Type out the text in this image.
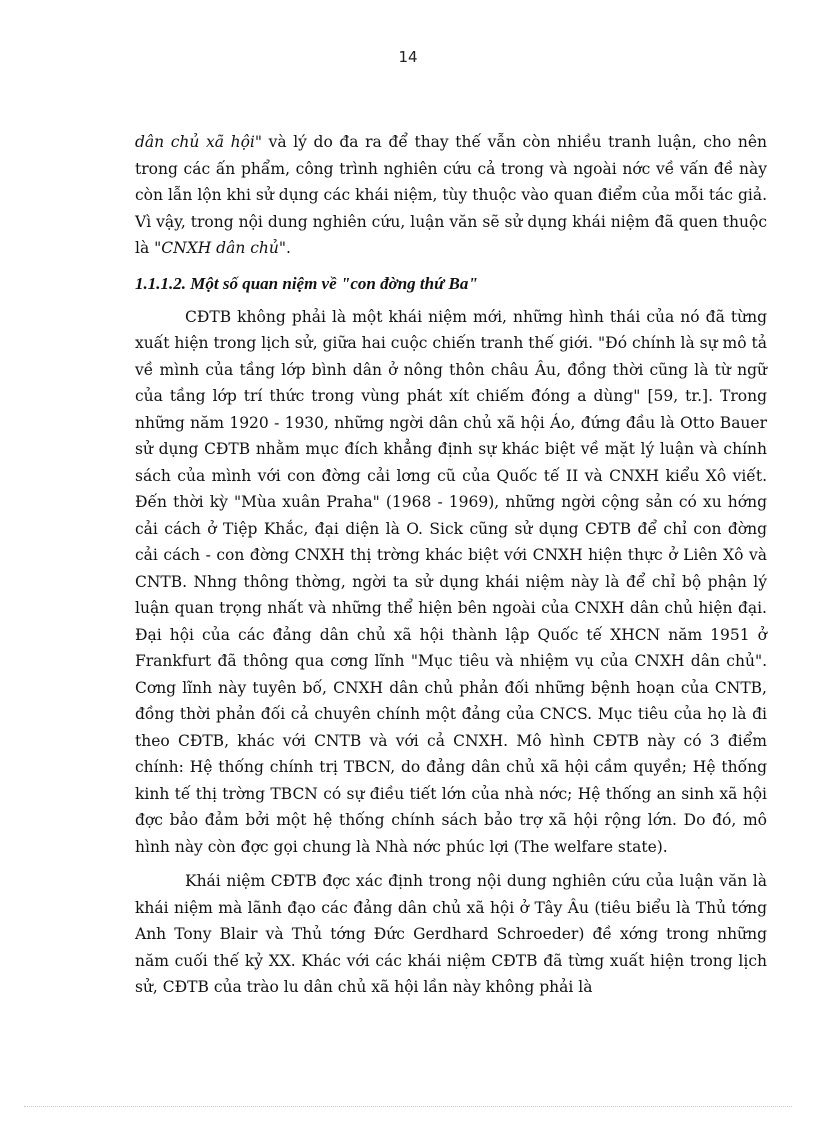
14

dân chủ xã hội" và lý do đa ra để thay thế vẫn còn nhiều tranh luận, cho nên trong các ấn phẩm, công trình nghiên cứu cả trong và ngoài nớc về vấn đề này còn lẫn lộn khi sử dụng các khái niệm, tùy thuộc vào quan điểm của mỗi tác giả. Vì vậy, trong nội dung nghiên cứu, luận văn sẽ sử dụng khái niệm đã quen thuộc là "CNXH dân chủ".

1.1.1.2. Một số quan niệm về "con đờng thứ Ba"

CĐTB không phải là một khái niệm mới, những hình thái của nó đã từng xuất hiện trong lịch sử, giữa hai cuộc chiến tranh thế giới. "Đó chính là sự mô tả về mình của tầng lớp bình dân ở nông thôn châu Âu, đồng thời cũng là từ ngữ của tầng lớp trí thức trong vùng phát xít chiếm đóng a dùng" [59, tr.]. Trong những năm 1920 - 1930, những ngời dân chủ xã hội Áo, đứng đầu là Otto Bauer sử dụng CĐTB nhằm mục đích khẳng định sự khác biệt về mặt lý luận và chính sách của mình với con đờng cải lơng cũ của Quốc tế II và CNXH kiểu Xô viết. Đến thời kỳ "Mùa xuân Praha" (1968 - 1969), những ngời cộng sản có xu hớng cải cách ở Tiệp Khắc, đại diện là O. Sick cũng sử dụng CĐTB để chỉ con đờng cải cách - con đờng CNXH thị trờng khác biệt với CNXH hiện thực ở Liên Xô và CNTB. Nhng thông thờng, ngời ta sử dụng khái niệm này là để chỉ bộ phận lý luận quan trọng nhất và những thể hiện bên ngoài của CNXH dân chủ hiện đại. Đại hội của các đảng dân chủ xã hội thành lập Quốc tế XHCN năm 1951 ở Frankfurt đã thông qua cơng lĩnh "Mục tiêu và nhiệm vụ của CNXH dân chủ". Cơng lĩnh này tuyên bố, CNXH dân chủ phản đối những bệnh hoạn của CNTB, đồng thời phản đối cả chuyên chính một đảng của CNCS. Mục tiêu của họ là đi theo CĐTB, khác với CNTB và với cả CNXH. Mô hình CĐTB này có 3 điểm chính: Hệ thống chính trị TBCN, do đảng dân chủ xã hội cầm quyền; Hệ thống kinh tế thị trờng TBCN có sự điều tiết lớn của nhà nớc; Hệ thống an sinh xã hội đợc bảo đảm bởi một hệ thống chính sách bảo trợ xã hội rộng lớn. Do đó, mô hình này còn đợc gọi chung là Nhà nớc phúc lợi (The welfare state).

Khái niệm CĐTB đợc xác định trong nội dung nghiên cứu của luận văn là khái niệm mà lãnh đạo các đảng dân chủ xã hội ở Tây Âu (tiêu biểu là Thủ tớng Anh Tony Blair và Thủ tớng Đức Gerdhard Schroeder) đề xớng trong những năm cuối thế kỷ XX. Khác với các khái niệm CĐTB đã từng xuất hiện trong lịch sử, CĐTB của trào lu dân chủ xã hội lần này không phải là
